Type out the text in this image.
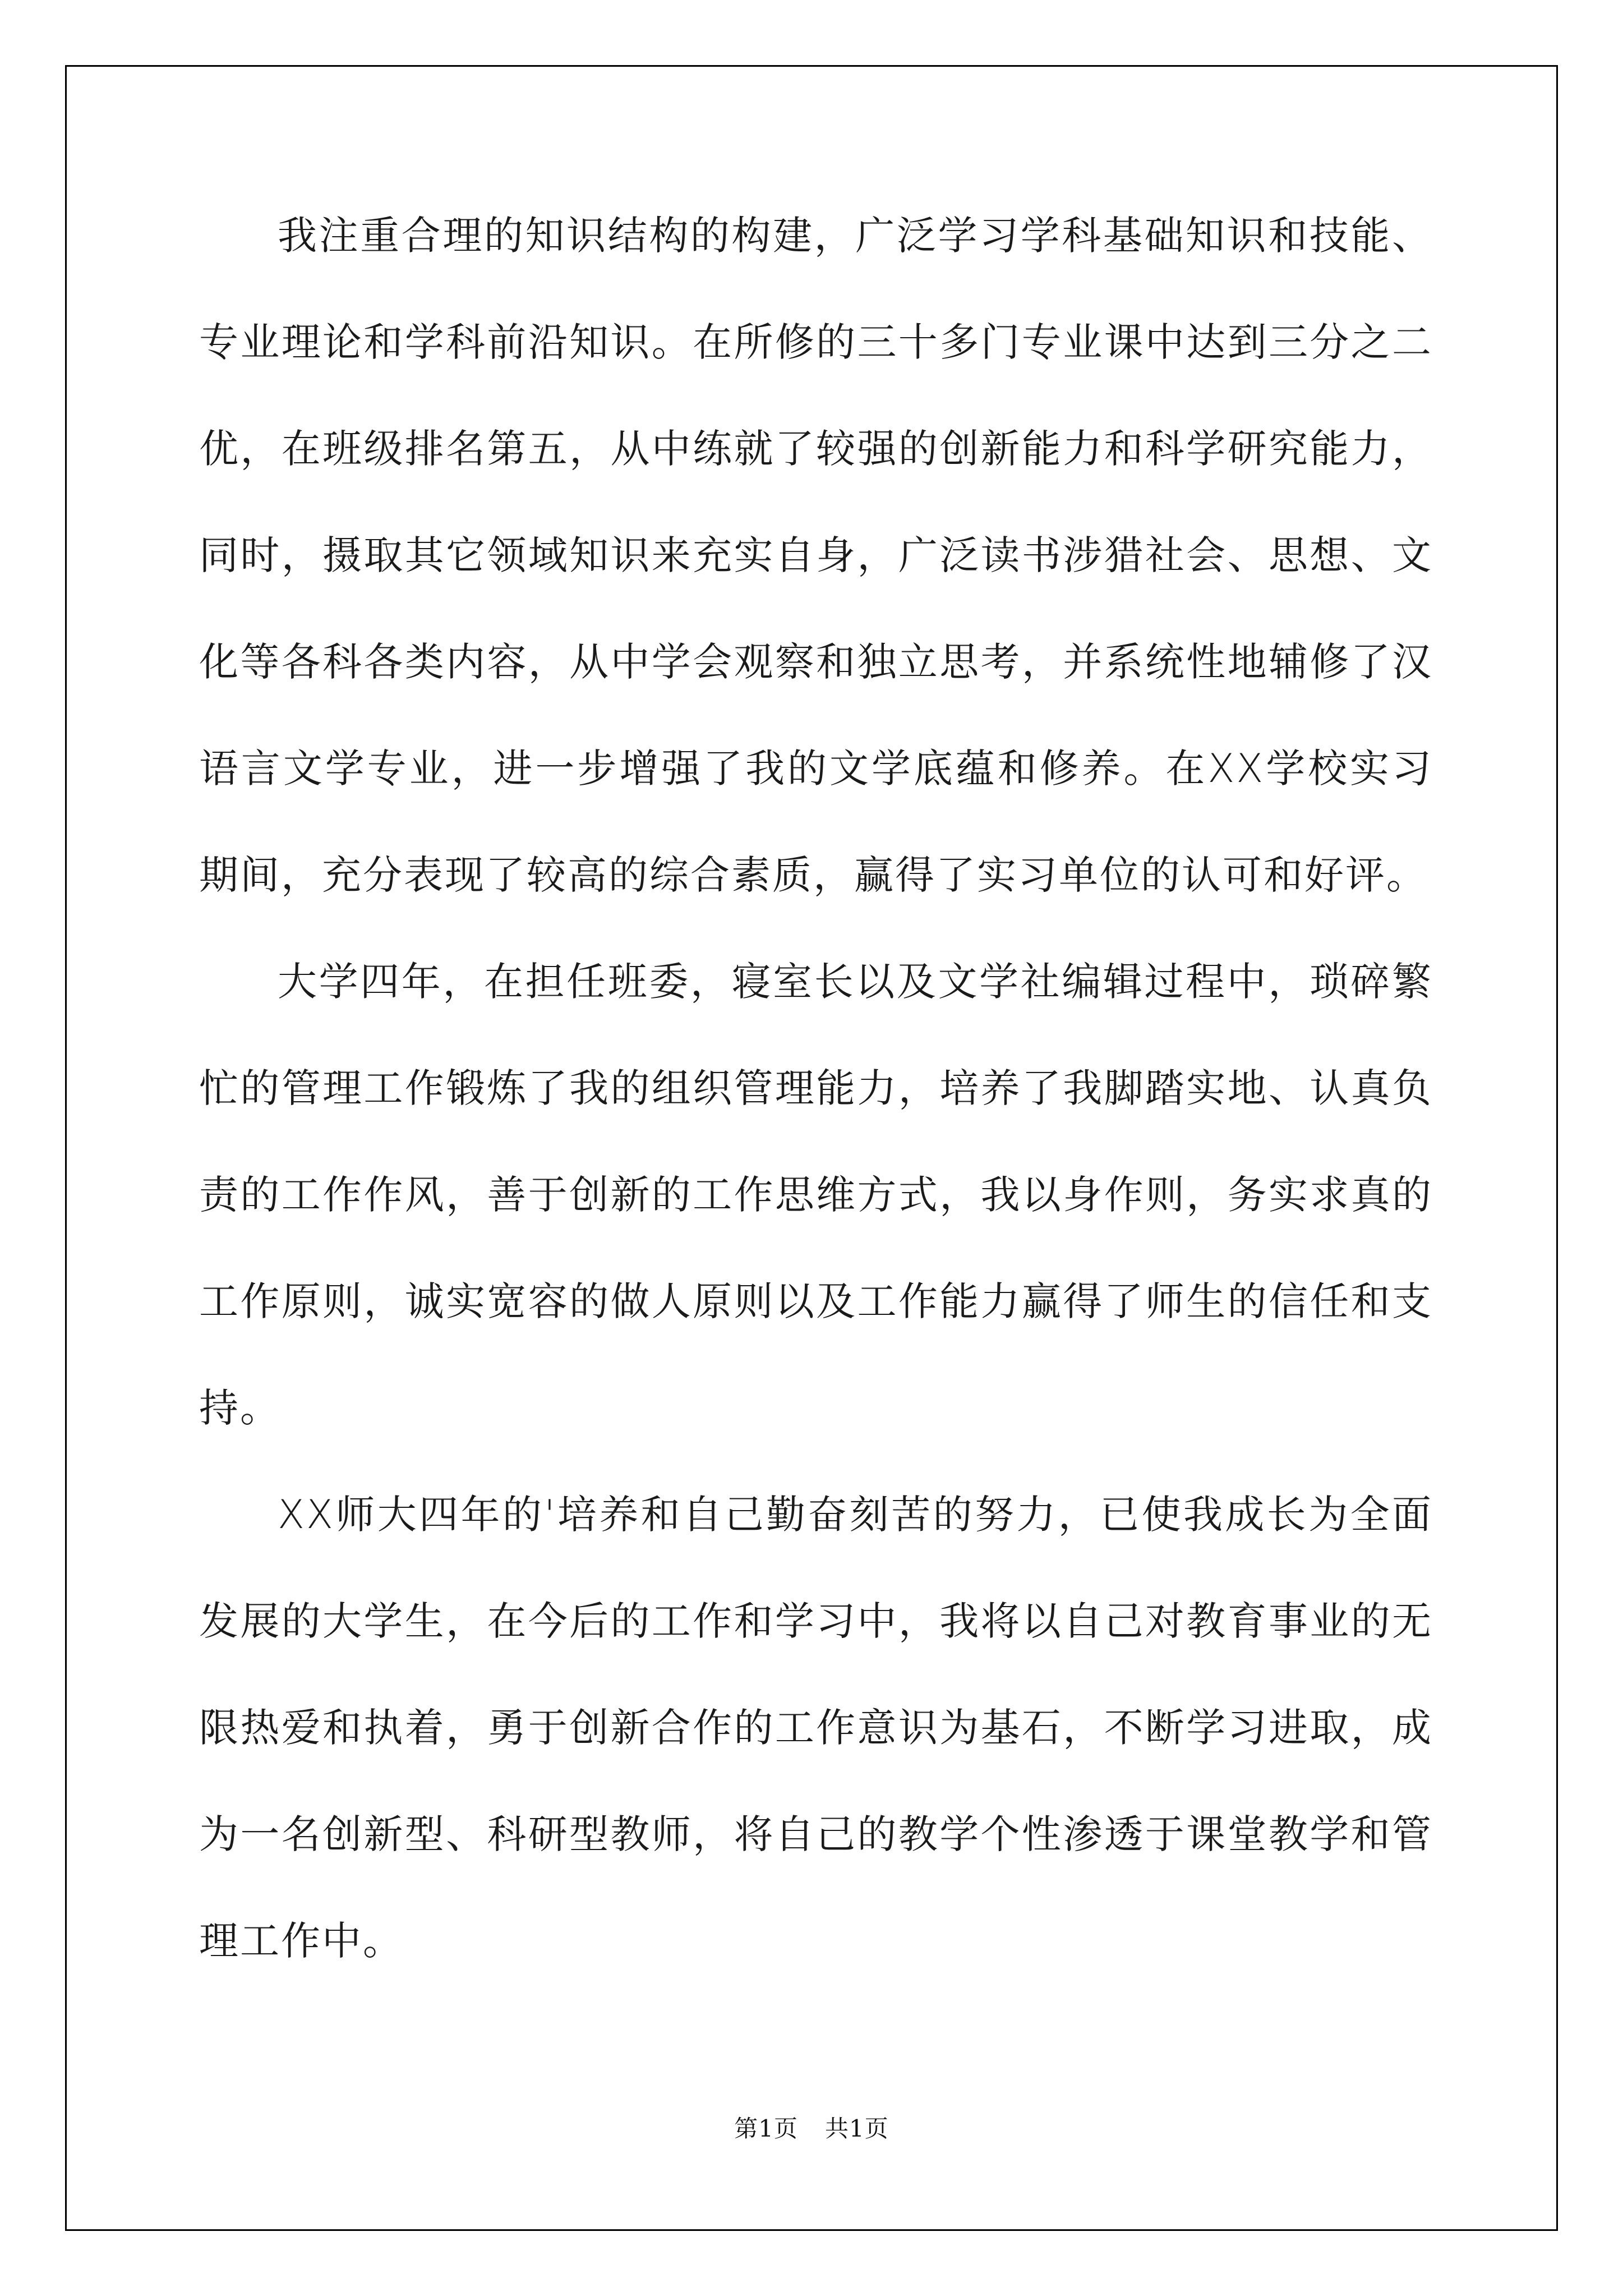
我注重合理的知识结构的构建，广泛学习学科基础知识和技能、专业理论和学科前沿知识。在所修的三十多门专业课中达到三分之二优，在班级排名第五，从中练就了较强的创新能力和科学研究能力，同时，摄取其它领域知识来充实自身，广泛读书涉猎社会、思想、文化等各科各类内容，从中学会观察和独立思考，并系统性地辅修了汉语言文学专业，进一步增强了我的文学底蕴和修养。在XX学校实习期间，充分表现了较高的综合素质，赢得了实习单位的认可和好评。

大学四年，在担任班委，寝室长以及文学社编辑过程中，琐碎繁忙的管理工作锻炼了我的组织管理能力，培养了我脚踏实地、认真负责的工作作风，善于创新的工作思维方式，我以身作则，务实求真的工作原则，诚实宽容的做人原则以及工作能力赢得了师生的信任和支持。

XX师大四年的'培养和自己勤奋刻苦的努力，已使我成长为全面发展的大学生，在今后的工作和学习中，我将以自己对教育事业的无限热爱和执着，勇于创新合作的工作意识为基石，不断学习进取，成为一名创新型、科研型教师，将自己的教学个性渗透于课堂教学和管理工作中。

第1页 共1页
